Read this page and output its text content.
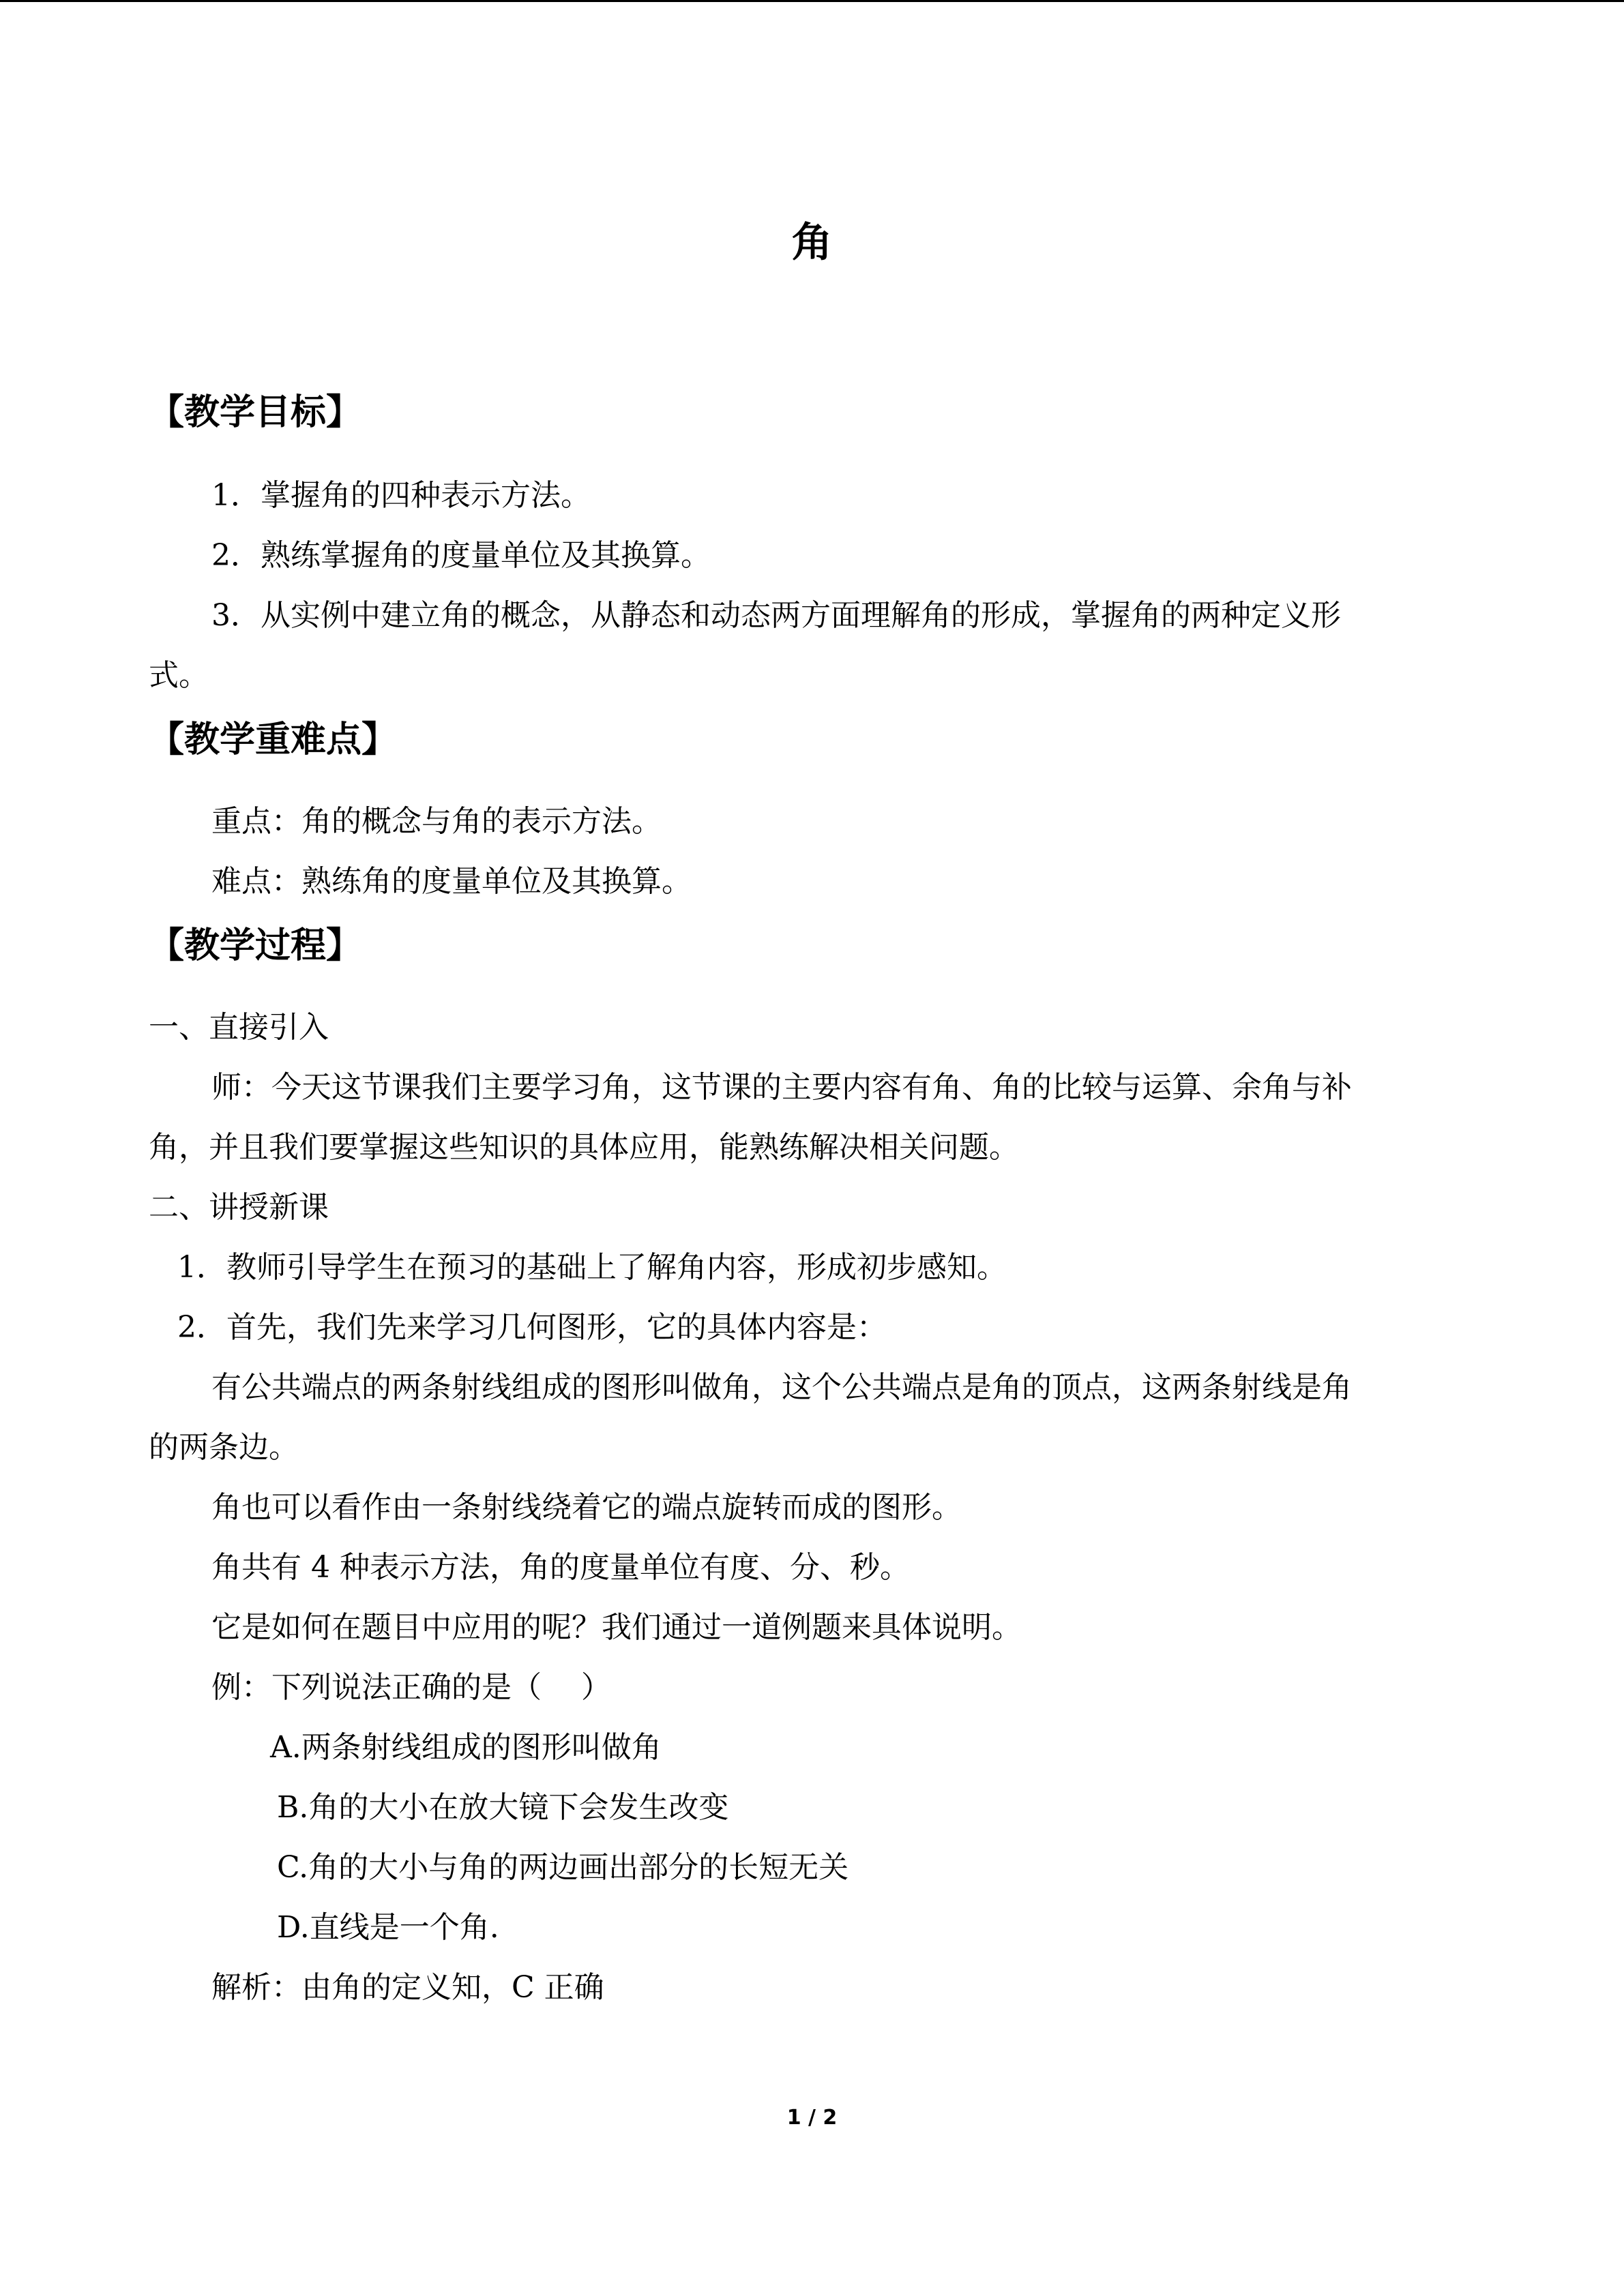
角
【教学目标】
1．掌握角的四种表示方法。
2．熟练掌握角的度量单位及其换算。
3．从实例中建立角的概念，从静态和动态两方面理解角的形成，掌握角的两种定义形
式。
【教学重难点】
重点：角的概念与角的表示方法。
难点：熟练角的度量单位及其换算。
【教学过程】
一、直接引入
师：今天这节课我们主要学习角，这节课的主要内容有角、角的比较与运算、余角与补
角，并且我们要掌握这些知识的具体应用，能熟练解决相关问题。
二、讲授新课
1．教师引导学生在预习的基础上了解角内容，形成初步感知。
2．首先，我们先来学习几何图形，它的具体内容是：
有公共端点的两条射线组成的图形叫做角，这个公共端点是角的顶点，这两条射线是角
的两条边。
角也可以看作由一条射线绕着它的端点旋转而成的图形。
角共有 4 种表示方法，角的度量单位有度、分、秒。
它是如何在题目中应用的呢？我们通过一道例题来具体说明。
例：下列说法正确的是（　 ）
A.两条射线组成的图形叫做角
B.角的大小在放大镜下会发生改变
C.角的大小与角的两边画出部分的长短无关
D.直线是一个角.
解析：由角的定义知，C 正确
1 / 2
